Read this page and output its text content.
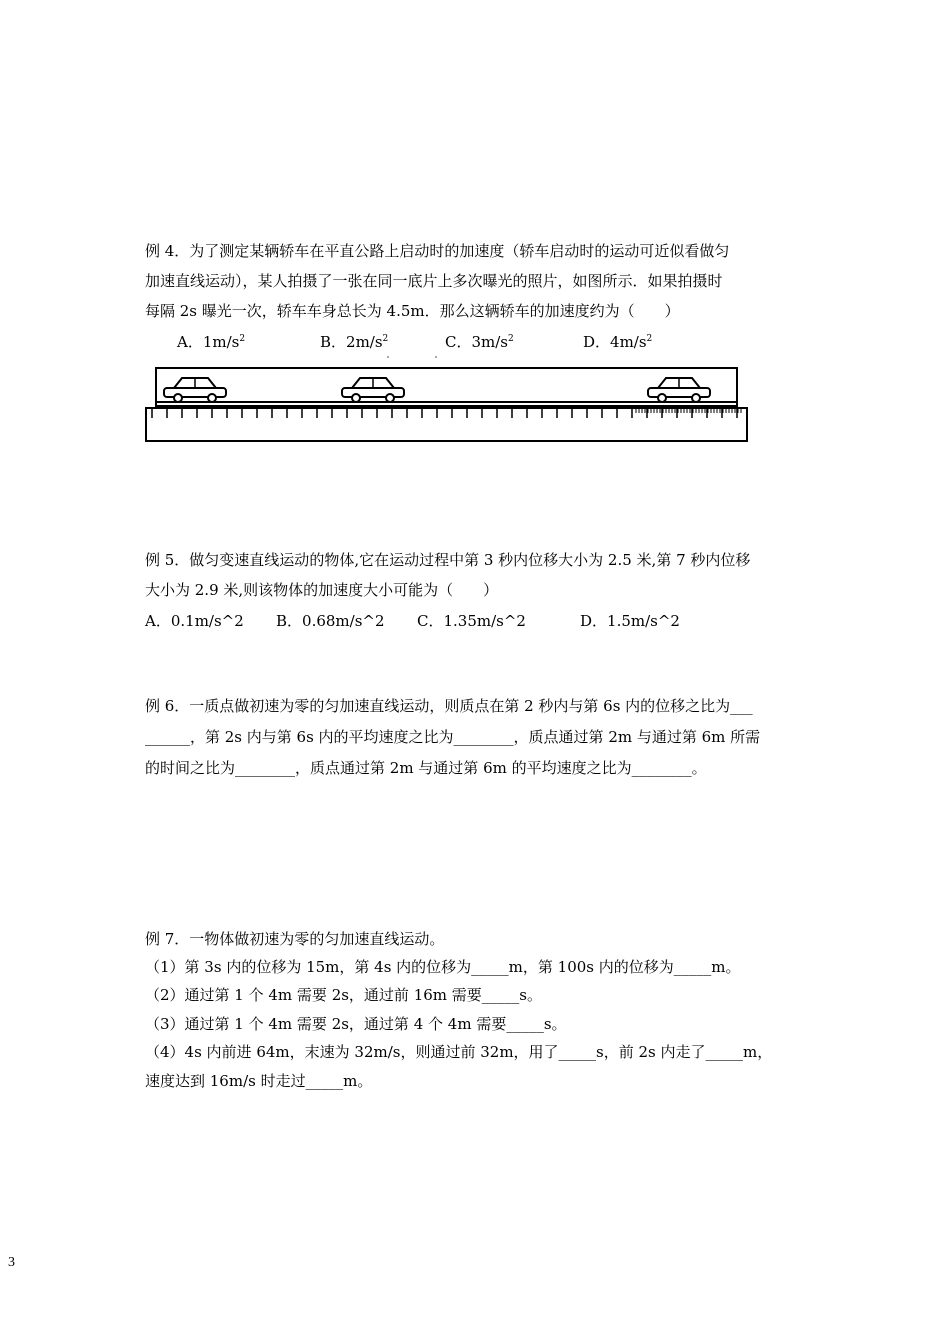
例 4．为了测定某辆轿车在平直公路上启动时的加速度（轿车启动时的运动可近似看做匀
加速直线运动），某人拍摄了一张在同一底片上多次曝光的照片，如图所示．如果拍摄时
每隔 2s 曝光一次，轿车车身总长为 4.5m．那么这辆轿车的加速度约为（　　）
A．$1m/s^2$	B．$2m/s^2$	C．$3m/s^2$	D．$4m/s^2$
例 5．做匀变速直线运动的物体,它在运动过程中第 3 秒内位移大小为 2.5 米,第 7 秒内位移
大小为 2.9 米,则该物体的加速度大小可能为（　　）
A．0.1m/s^2 B．0.68m/s^2 C．1.35m/s^2	D．1.5m/s^2
例 6．一质点做初速为零的匀加速直线运动，则质点在第 2 秒内与第 6s 内的位移之比为___
______，第 2s 内与第 6s 内的平均速度之比为________，质点通过第 2m 与通过第 6m 所需
的时间之比为________，质点通过第 2m 与通过第 6m 的平均速度之比为________。
例 7．一物体做初速为零的匀加速直线运动。
（1）第 3s 内的位移为 15m，第 4s 内的位移为_____m，第 100s 内的位移为_____m。
（2）通过第 1 个 4m 需要 2s，通过前 16m 需要_____s。
（3）通过第 1 个 4m 需要 2s，通过第 4 个 4m 需要_____s。
（4）4s 内前进 64m，末速为 32m/s，则通过前 32m，用了_____s，前 2s 内走了_____m，
速度达到 16m/s 时走过_____m。
3
